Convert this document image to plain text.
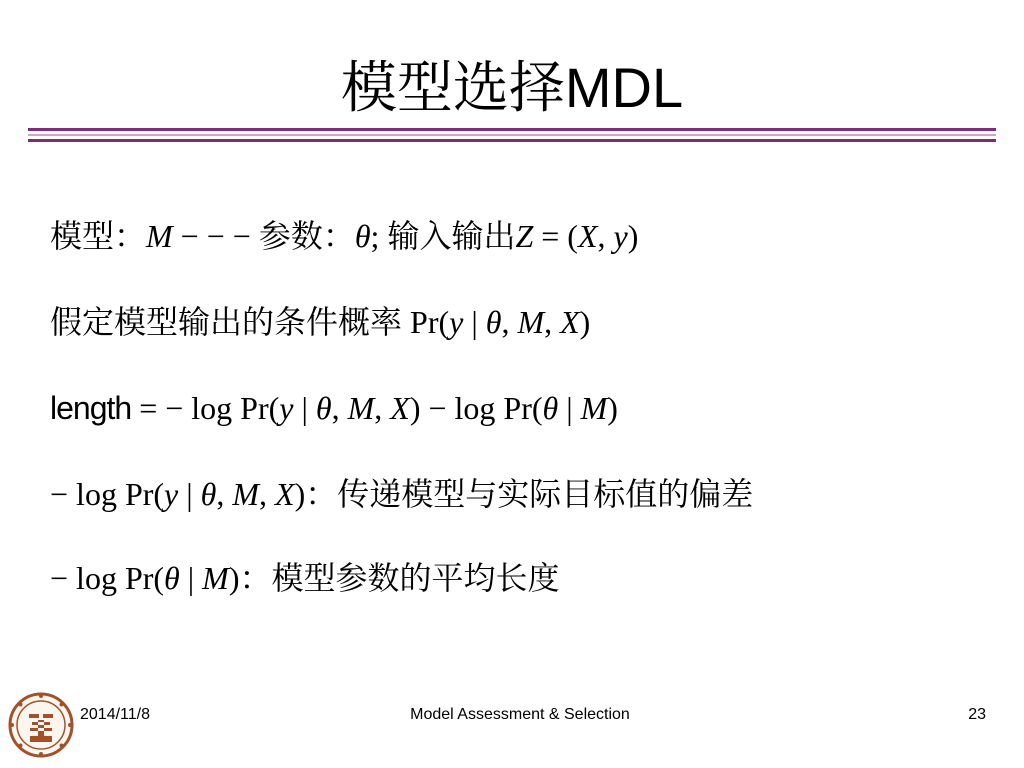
模型选择MDL
模型：M − − − 参数：θ; 输入输出Z = (X, y)
假定模型输出的条件概率 Pr(y | θ, M, X)
length = − log Pr(y | θ, M, X) − log Pr(θ | M)
− log Pr(y | θ, M, X)：传递模型与实际目标值的偏差
− log Pr(θ | M)：模型参数的平均长度
2014/11/8	Model Assessment & Selection	23
